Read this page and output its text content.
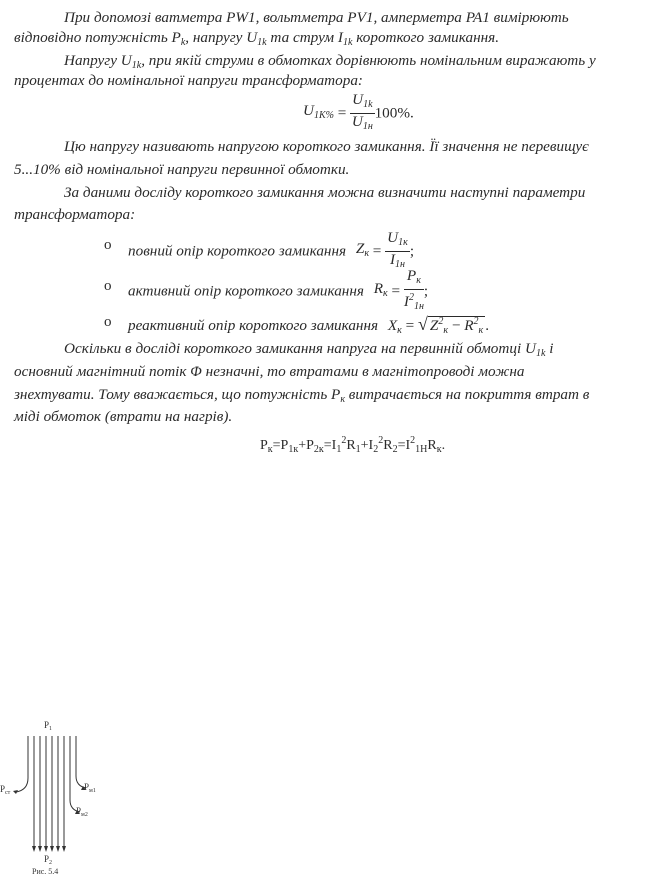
При допомозі ватметра PW1, вольтметра PV1, амперметра PA1 вимірюють
відповідно потужність $P_k$, напругу $U_{1k}$ та струм $I_{1k}$ короткого замикання.
Напругу $U_{1k}$, при якій струми в обмотках дорівнюють номінальним виражають у
процентах до номінальної напруги трансформатора:
$U_{1K\%} = \frac{U_{1k}}{U_{1н}} 100\%$.
Цю напругу називають напругою короткого замикання. Її значення не перевищує
5...10% від номінальної напруги первинної обмотки.
За даними досліду короткого замикання можна визначити наступні параметри
трансформатора:
o повний опір короткого замикання $Z_к = \frac{U_{1к}}{I_{1н}}$ ;
o активний опір короткого замикання $R_к = \frac{P_к}{I^2_{1н}}$ ;
o реактивний опір короткого замикання $X_к$ = √ $Z^2_к - R^2_к$ .
Оскільки в досліді короткого замикання напруга на первинній обмотці $U_{1k}$ і
основний магнітний потік Φ незначні, то втратами в магнітопроводі можна
знехтувати. Тому вважається, що потужність $P_к$ витрачається на покриття втрат в
міді обмоток (втрати на нагрів).
$P_к=P_{1к}+P_{2к}=I_1^2R_1+I_2^2R_2=I^2_{1Н}R_к$.
$P_1$
$P_{ст}$
$P_{м1}$
$P_{м2}$
$P_2$
Рис. 5.4
